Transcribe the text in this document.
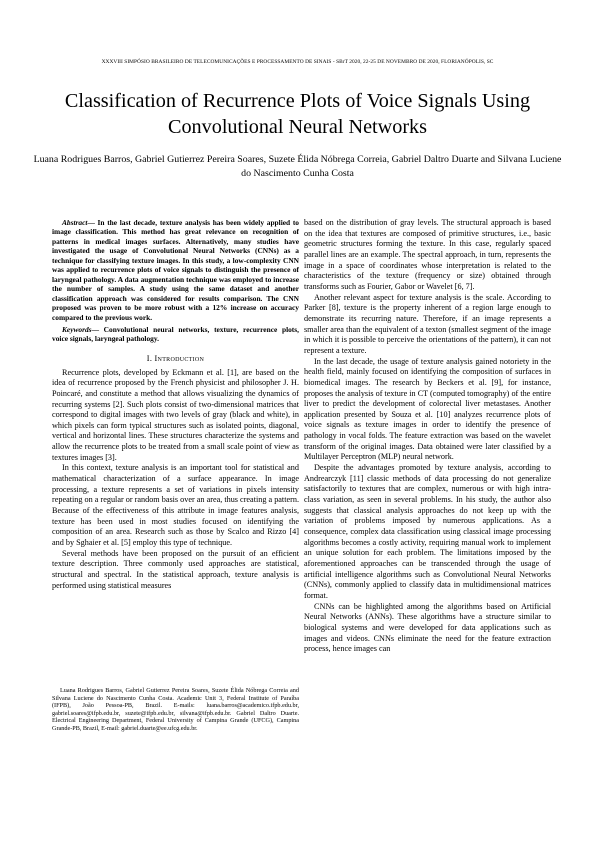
XXXVIII SIMPÓSIO BRASILEIRO DE TELECOMUNICAÇÕES E PROCESSAMENTO DE SINAIS - SBrT 2020, 22-25 DE NOVEMBRO DE 2020, FLORIANÓPOLIS, SC
Classification of Recurrence Plots of Voice Signals Using Convolutional Neural Networks
Luana Rodrigues Barros, Gabriel Gutierrez Pereira Soares, Suzete Élida Nóbrega Correia, Gabriel Daltro Duarte and Silvana Luciene do Nascimento Cunha Costa

Abstract— In the last decade, texture analysis has been widely applied to image classification. This method has great relevance on recognition of patterns in medical images surfaces. Alternatively, many studies have investigated the usage of Convolutional Neural Networks (CNNs) as a technique for classifying texture images. In this study, a low-complexity CNN was applied to recurrence plots of voice signals to distinguish the presence of laryngeal pathology. A data augmentation technique was employed to increase the number of samples. A study using the same dataset and another classification approach was considered for results comparison. The CNN proposed was proven to be more robust with a 12% increase on accuracy compared to the previous work.

Keywords— Convolutional neural networks, texture, recurrence plots, voice signals, laryngeal pathology.

I. Introduction

Recurrence plots, developed by Eckmann et al. [1], are based on the idea of recurrence proposed by the French physicist and philosopher J. H. Poincaré, and constitute a method that allows visualizing the dynamics of recurring systems [2]. Such plots consist of two-dimensional matrices that correspond to digital images with two levels of gray (black and white), in which pixels can form typical structures such as isolated points, diagonal, vertical and horizontal lines. These structures characterize the systems and allow the recurrence plots to be treated from a small scale point of view as textures images [3].

In this context, texture analysis is an important tool for statistical and mathematical characterization of a surface appearance. In image processing, a texture represents a set of variations in pixels intensity repeating on a regular or random basis over an area, thus creating a pattern. Because of the effectiveness of this attribute in image features analysis, texture has been used in most studies focused on identifying the composition of an area. Research such as those by Scalco and Rizzo [4] and by Sghaier et al. [5] employ this type of technique.

Several methods have been proposed on the pursuit of an efficient texture description. Three commonly used approaches are statistical, structural and spectral. In the statistical approach, texture analysis is performed using statistical measures

Luana Rodrigues Barros, Gabriel Gutierrez Pereira Soares, Suzete Élida Nóbrega Correia and Silvana Luciene do Nascimento Cunha Costa. Academic Unit 3, Federal Institute of Paraíba (IFPB), João Pessoa-PB, Brazil. E-mails: luana.barros@academico.ifpb.edu.br, gabriel.soares@ifpb.edu.br, suzete@ifpb.edu.br, silvana@ifpb.edu.br. Gabriel Daltro Duarte. Electrical Engineering Department, Federal University of Campina Grande (UFCG), Campina Grande-PB, Brazil, E-mail: gabriel.duarte@ee.ufcg.edu.br.

based on the distribution of gray levels. The structural approach is based on the idea that textures are composed of primitive structures, i.e., basic geometric structures forming the texture. In this case, regularly spaced parallel lines are an example. The spectral approach, in turn, represents the image in a space of coordinates whose interpretation is related to the characteristics of the texture (frequency or size) obtained through transforms such as Fourier, Gabor or Wavelet [6, 7].

Another relevant aspect for texture analysis is the scale. According to Parker [8], texture is the property inherent of a region large enough to demonstrate its recurring nature. Therefore, if an image represents a smaller area than the equivalent of a texton (smallest segment of the image in which it is possible to perceive the orientations of the pattern), it can not represent a texture.

In the last decade, the usage of texture analysis gained notoriety in the health field, mainly focused on identifying the composition of surfaces in biomedical images. The research by Beckers et al. [9], for instance, proposes the analysis of texture in CT (computed tomography) of the entire liver to predict the development of colorectal liver metastases. Another application presented by Souza et al. [10] analyzes recurrence plots of voice signals as texture images in order to identify the presence of pathology in vocal folds. The feature extraction was based on the wavelet transform of the original images. Data obtained were later classified by a Multilayer Perceptron (MLP) neural network.

Despite the advantages promoted by texture analysis, according to Andrearczyk [11] classic methods of data processing do not generalize satisfactorily to textures that are complex, numerous or with high intra-class variation, as seen in several problems. In his study, the author also suggests that classical analysis approaches do not keep up with the variation of problems imposed by numerous applications. As a consequence, complex data classification using classical image processing algorithms becomes a costly activity, requiring manual work to implement an unique solution for each problem. The limitations imposed by the aforementioned approaches can be transcended through the usage of artificial intelligence algorithms such as Convolutional Neural Networks (CNNs), commonly applied to classify data in multidimensional matrices format.

CNNs can be highlighted among the algorithms based on Artificial Neural Networks (ANNs). These algorithms have a structure similar to biological systems and were developed for data applications such as images and videos. CNNs eliminate the need for the feature extraction process, hence images can
